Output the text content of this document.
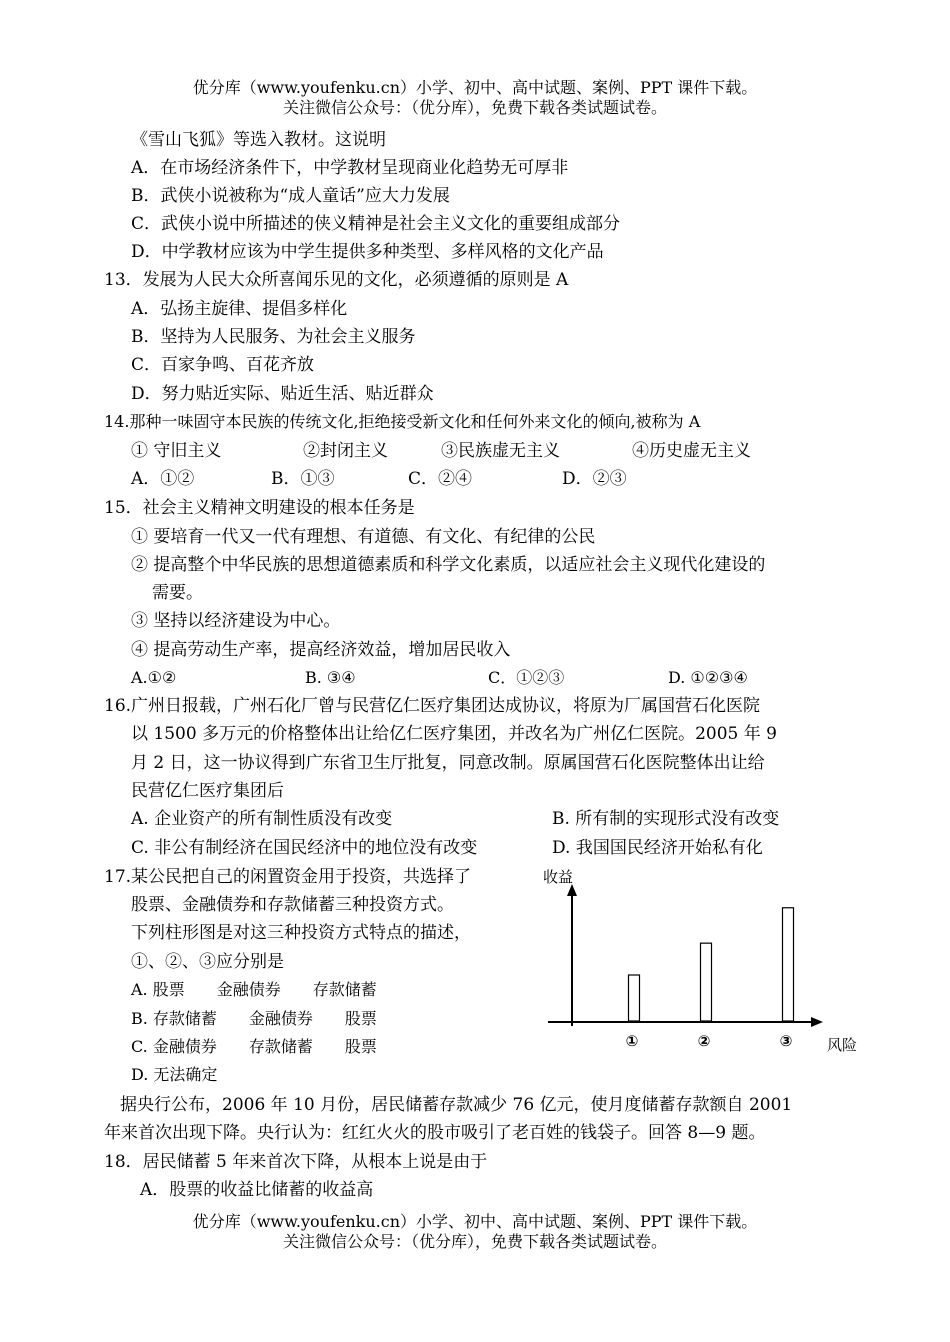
优分库（www.youfenku.cn）小学、初中、高中试题、案例、PPT 课件下载。
关注微信公众号：（优分库），免费下载各类试题试卷。
《雪山飞狐》等选入教材。这说明
A．在市场经济条件下，中学教材呈现商业化趋势无可厚非
B．武侠小说被称为“成人童话”应大力发展
C．武侠小说中所描述的侠义精神是社会主义文化的重要组成部分
D．中学教材应该为中学生提供多种类型、多样风格的文化产品
13．发展为人民大众所喜闻乐见的文化，必须遵循的原则是 A
A．弘扬主旋律、提倡多样化
B．坚持为人民服务、为社会主义服务
C．百家争鸣、百花齐放
D．努力贴近实际、贴近生活、贴近群众
14.那种一味固守本民族的传统文化,拒绝接受新文化和任何外来文化的倾向,被称为 A
① 守旧主义	②封闭主义	③民族虚无主义	④历史虚无主义
A．①②	B．①③	C．②④	D．②③
15．社会主义精神文明建设的根本任务是
① 要培育一代又一代有理想、有道德、有文化、有纪律的公民
② 提高整个中华民族的思想道德素质和科学文化素质，以适应社会主义现代化建设的
需要。
③ 坚持以经济建设为中心。
④ 提高劳动生产率，提高经济效益，增加居民收入
A.①②	B. ③④	C．①②③	D. ①②③④
16.广州日报载，广州石化厂曾与民营亿仁医疗集团达成协议，将原为厂属国营石化医院
以 1500 多万元的价格整体出让给亿仁医疗集团，并改名为广州亿仁医院。2005 年 9
月 2 日，这一协议得到广东省卫生厅批复，同意改制。原属国营石化医院整体出让给
民营亿仁医疗集团后
A. 企业资产的所有制性质没有改变	B. 所有制的实现形式没有改变
C. 非公有制经济在国民经济中的地位没有改变	D. 我国国民经济开始私有化
17.某公民把自己的闲置资金用于投资，共选择了
股票、金融债券和存款储蓄三种投资方式。
下列柱形图是对这三种投资方式特点的描述，
①、②、③应分别是
A. 股票　　金融债券　　存款储蓄
B. 存款储蓄　　金融债券　　股票
C. 金融债券　　存款储蓄　　股票
D. 无法确定
收益
风险
①	②	③
据央行公布，2006 年 10 月份，居民储蓄存款减少 76 亿元，使月度储蓄存款额自 2001
年来首次出现下降。央行认为：红红火火的股市吸引了老百姓的钱袋子。回答 8—9 题。
18．居民储蓄 5 年来首次下降，从根本上说是由于
A．股票的收益比储蓄的收益高
优分库（www.youfenku.cn）小学、初中、高中试题、案例、PPT 课件下载。
关注微信公众号：（优分库），免费下载各类试题试卷。
